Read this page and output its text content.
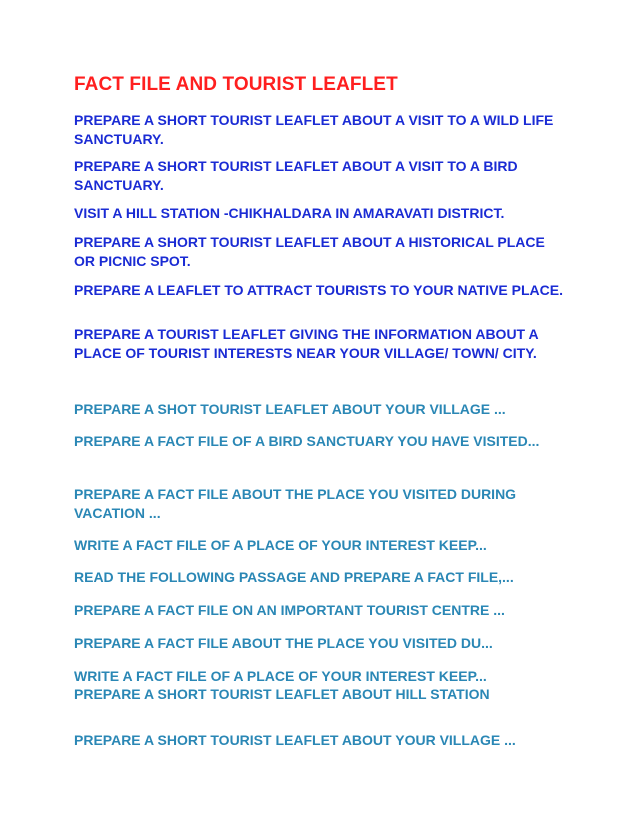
FACT FILE AND TOURIST LEAFLET
PREPARE A SHORT TOURIST LEAFLET ABOUT A VISIT TO A WILD LIFE SANCTUARY.
PREPARE A SHORT TOURIST LEAFLET ABOUT A VISIT TO A BIRD SANCTUARY.
VISIT A HILL STATION -CHIKHALDARA IN AMARAVATI DISTRICT.
PREPARE A SHORT TOURIST LEAFLET ABOUT A HISTORICAL PLACE OR PICNIC SPOT.
PREPARE A LEAFLET TO ATTRACT TOURISTS TO YOUR NATIVE PLACE.
PREPARE A TOURIST LEAFLET GIVING THE INFORMATION ABOUT A PLACE OF TOURIST INTERESTS NEAR YOUR VILLAGE/ TOWN/ CITY.
PREPARE A SHOT TOURIST LEAFLET ABOUT YOUR VILLAGE ...
PREPARE A FACT FILE OF A BIRD SANCTUARY YOU HAVE VISITED...
PREPARE A FACT FILE ABOUT THE PLACE YOU VISITED DURING VACATION ...
WRITE A FACT FILE OF A PLACE OF YOUR INTEREST KEEP...
READ THE FOLLOWING PASSAGE AND PREPARE A FACT FILE,...
PREPARE A FACT FILE ON AN IMPORTANT TOURIST CENTRE ...
PREPARE A FACT FILE ABOUT THE PLACE YOU VISITED DU...
WRITE A FACT FILE OF A PLACE OF YOUR INTEREST KEEP...
PREPARE A SHORT TOURIST LEAFLET ABOUT HILL STATION
PREPARE A SHORT TOURIST LEAFLET ABOUT YOUR VILLAGE ...
